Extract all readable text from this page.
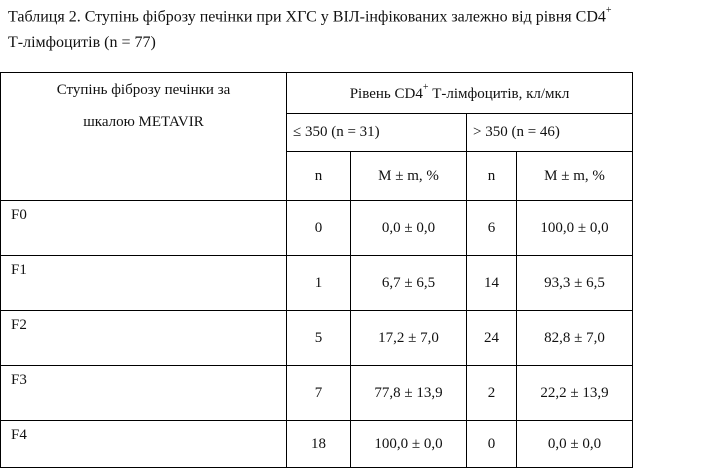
Таблиця 2. Ступінь фіброзу печінки при ХГС у ВІЛ-інфікованих залежно від рівня CD4+
Т-лімфоцитів (n = 77)
Ступінь фіброзу печінки за
шкалою METAVIR	Рівень CD4+ Т-лімфоцитів, кл/мкл			
	≤ 350 (n = 31)		> 350 (n = 46)	
	n	M ± m, %	n	M ± m, %
F0	0	0,0 ± 0,0	6	100,0 ± 0,0
F1	1	6,7 ± 6,5	14	93,3 ± 6,5
F2	5	17,2 ± 7,0	24	82,8 ± 7,0
F3	7	77,8 ± 13,9	2	22,2 ± 13,9
F4	18	100,0 ± 0,0	0	0,0 ± 0,0
